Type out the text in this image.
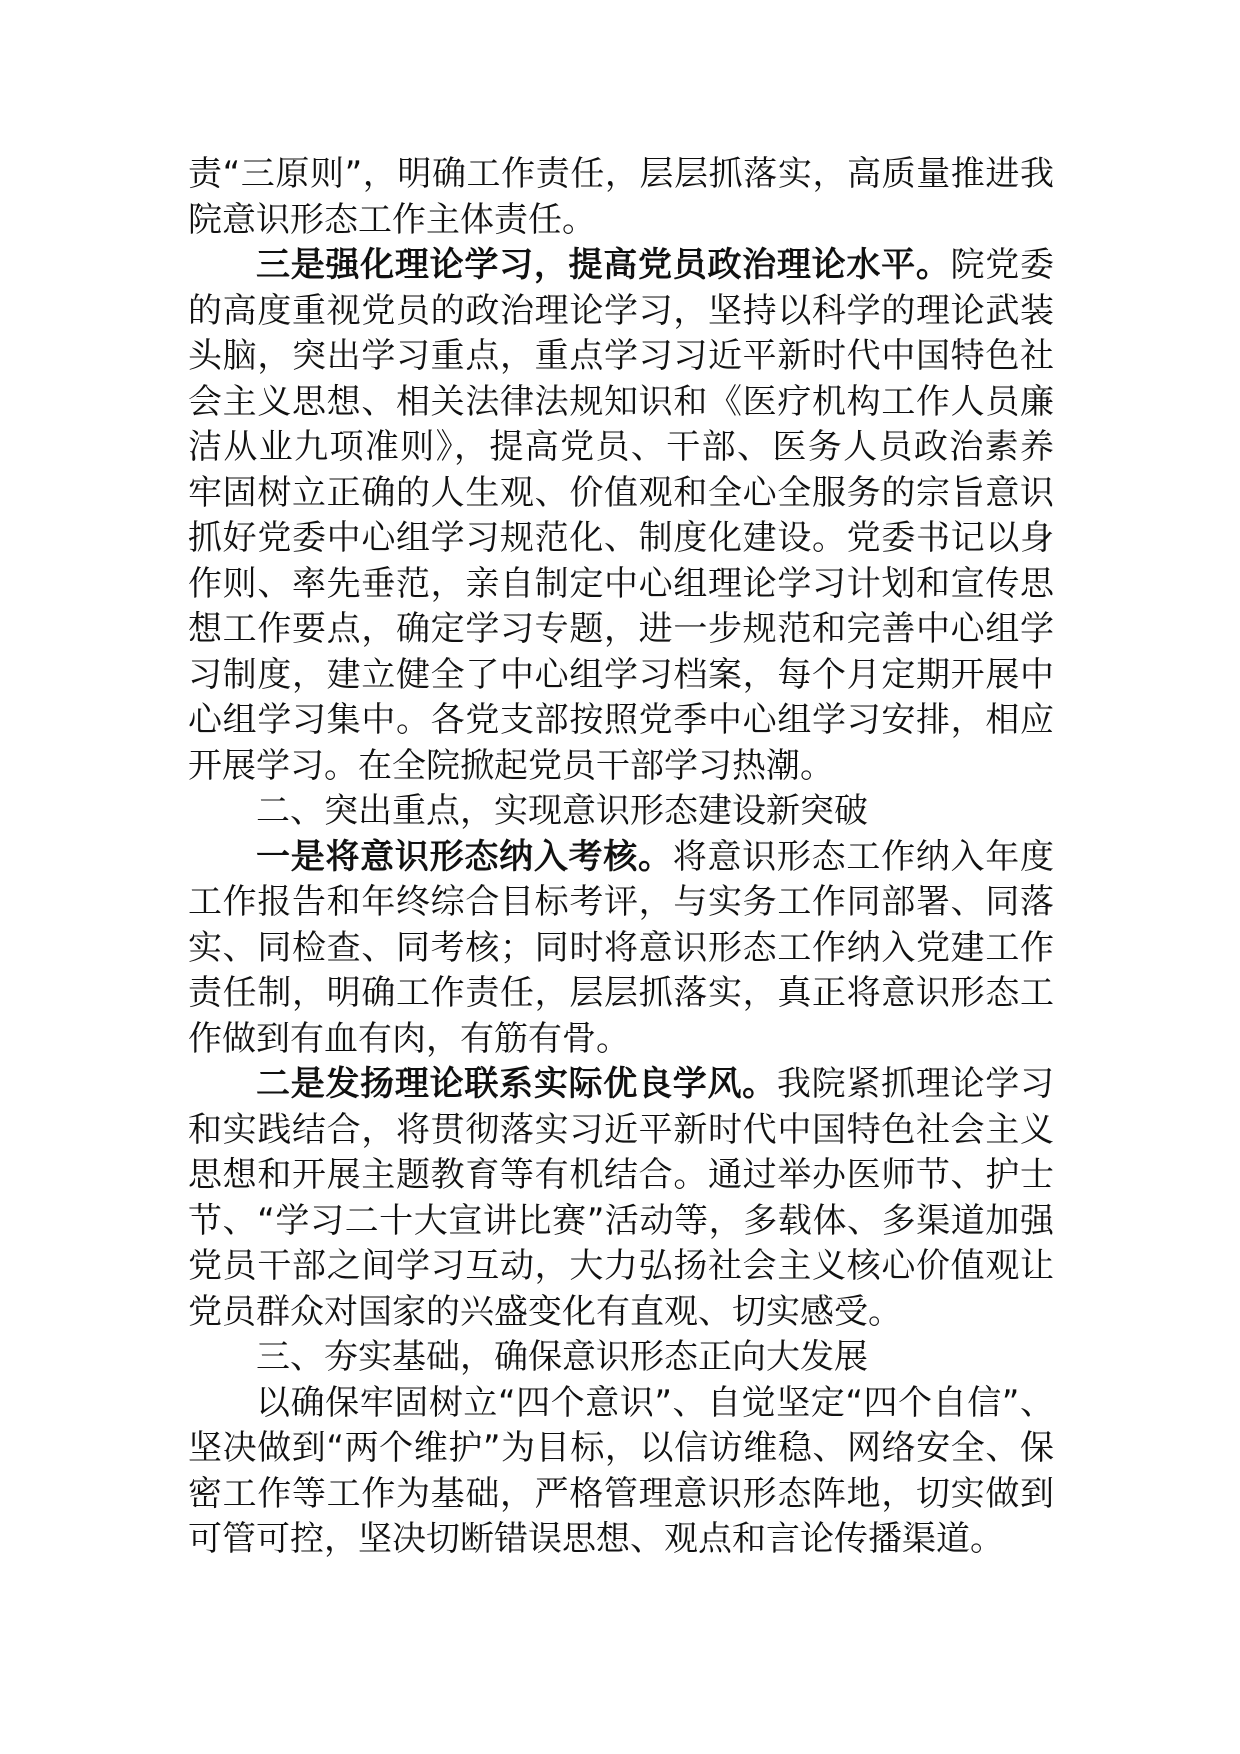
责“三原则”，明确工作责任，层层抓落实，高质量推进我院意识形态工作主体责任。

三是强化理论学习，提高党员政治理论水平。院党委的高度重视党员的政治理论学习，坚持以科学的理论武装头脑，突出学习重点，重点学习习近平新时代中国特色社会主义思想、相关法律法规知识和《医疗机构工作人员廉洁从业九项准则》，提高党员、干部、医务人员政治素养牢固树立正确的人生观、价值观和全心全服务的宗旨意识抓好党委中心组学习规范化、制度化建设。党委书记以身作则、率先垂范，亲自制定中心组理论学习计划和宣传思想工作要点，确定学习专题，进一步规范和完善中心组学习制度，建立健全了中心组学习档案，每个月定期开展中心组学习集中。各党支部按照党季中心组学习安排，相应开展学习。在全院掀起党员干部学习热潮。

二、突出重点，实现意识形态建设新突破

一是将意识形态纳入考核。将意识形态工作纳入年度工作报告和年终综合目标考评，与实务工作同部署、同落实、同检查、同考核；同时将意识形态工作纳入党建工作责任制，明确工作责任，层层抓落实，真正将意识形态工作做到有血有肉，有筋有骨。

二是发扬理论联系实际优良学风。我院紧抓理论学习和实践结合，将贯彻落实习近平新时代中国特色社会主义思想和开展主题教育等有机结合。通过举办医师节、护士节、“学习二十大宣讲比赛”活动等，多载体、多渠道加强党员干部之间学习互动，大力弘扬社会主义核心价值观让党员群众对国家的兴盛变化有直观、切实感受。

三、夯实基础，确保意识形态正向大发展

以确保牢固树立“四个意识”、自觉坚定“四个自信”、坚决做到“两个维护”为目标，以信访维稳、网络安全、保密工作等工作为基础，严格管理意识形态阵地，切实做到可管可控，坚决切断错误思想、观点和言论传播渠道。
